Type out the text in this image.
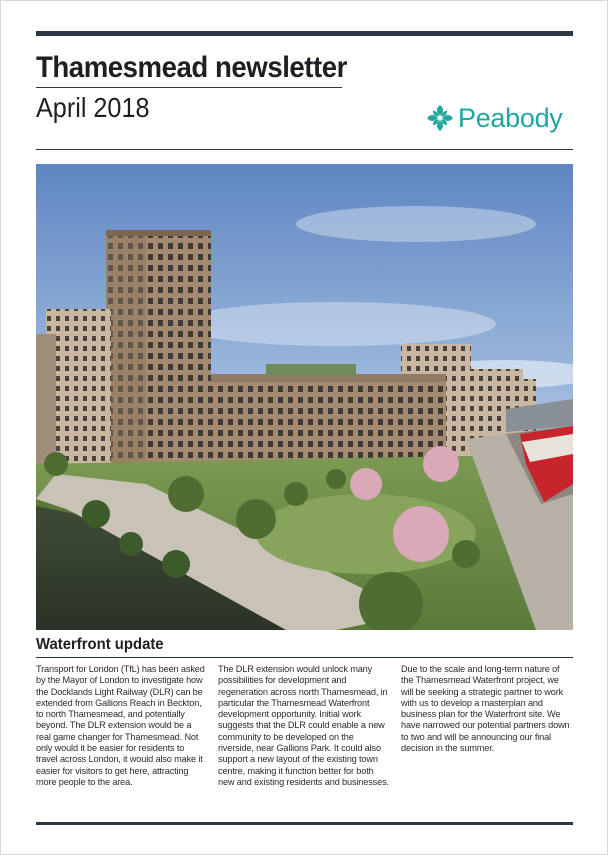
Thamesmead newsletter
April 2018	Peabody
Waterfront update

Transport for London (TfL) has been asked by the Mayor of London to investigate how the Docklands Light Railway (DLR) can be extended from Gallions Reach in Beckton, to north Thamesmead, and potentially beyond. The DLR extension would be a real game changer for Thamesmead. Not only would it be easier for residents to travel across London, it would also make it easier for visitors to get here, attracting more people to the area.

The DLR extension would unlock many possibilities for development and regeneration across north Thamesmead, in particular the Thamesmead Waterfront development opportunity. Initial work suggests that the DLR could enable a new community to be developed on the riverside, near Gallions Park. It could also support a new layout of the existing town centre, making it function better for both new and existing residents and businesses.

Due to the scale and long-term nature of the Thamesmead Waterfront project, we will be seeking a strategic partner to work with us to develop a masterplan and business plan for the Waterfront site. We have narrowed our potential partners down to two and will be announcing our final decision in the summer.
